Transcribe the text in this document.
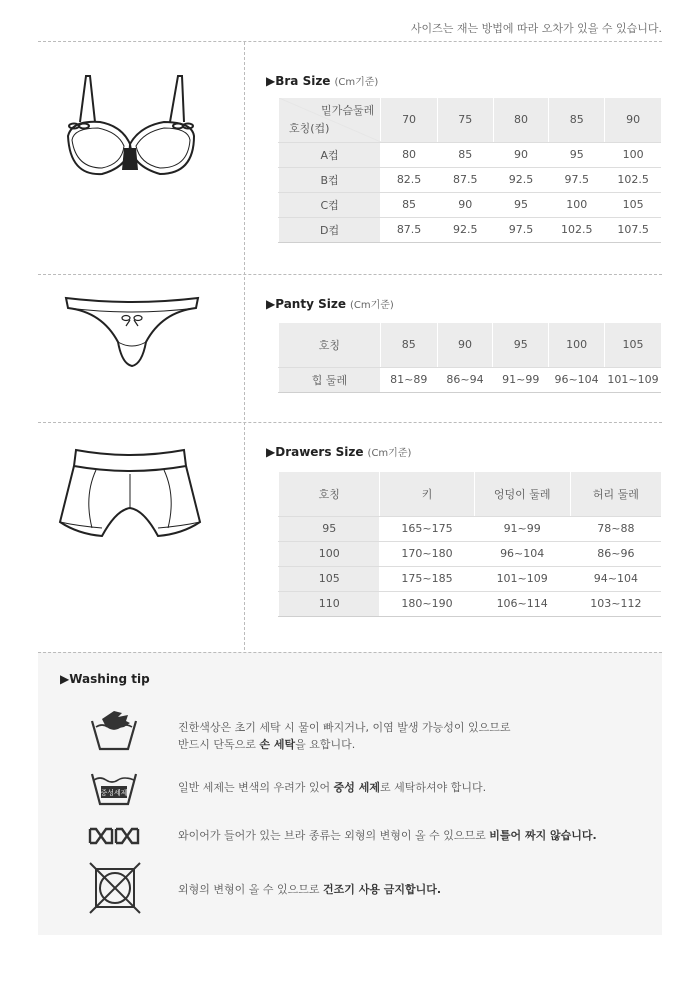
사이즈는 재는 방법에 따라 오차가 있을 수 있습니다.
▶Bra Size (Cm기준)
밑가슴둘레
호칭(컵)	70	75	80	85	90
A컵	80	85	90	95	100
B컵	82.5	87.5	92.5	97.5	102.5
C컵	85	90	95	100	105
D컵	87.5	92.5	97.5	102.5	107.5
▶Panty Size (Cm기준)
호칭	85	90	95	100	105
힙 둘레	81~89	86~94	91~99	96~104	101~109
▶Drawers Size (Cm기준)
호칭	키	엉덩이 둘레	허리 둘레
95	165~175	91~99	78~88
100	170~180	96~104	86~96
105	175~185	101~109	94~104
110	180~190	106~114	103~112
▶Washing tip
진한색상은 초기 세탁 시 물이 빠지거나, 이염 발생 가능성이 있으므로
반드시 단독으로 손 세탁을 요합니다.
중성세제	일반 세제는 변색의 우려가 있어 중성 세제로 세탁하셔야 합니다.
와이어가 들어가 있는 브라 종류는 외형의 변형이 올 수 있으므로 비틀어 짜지 않습니다.
외형의 변형이 올 수 있으므로 건조기 사용 금지합니다.
